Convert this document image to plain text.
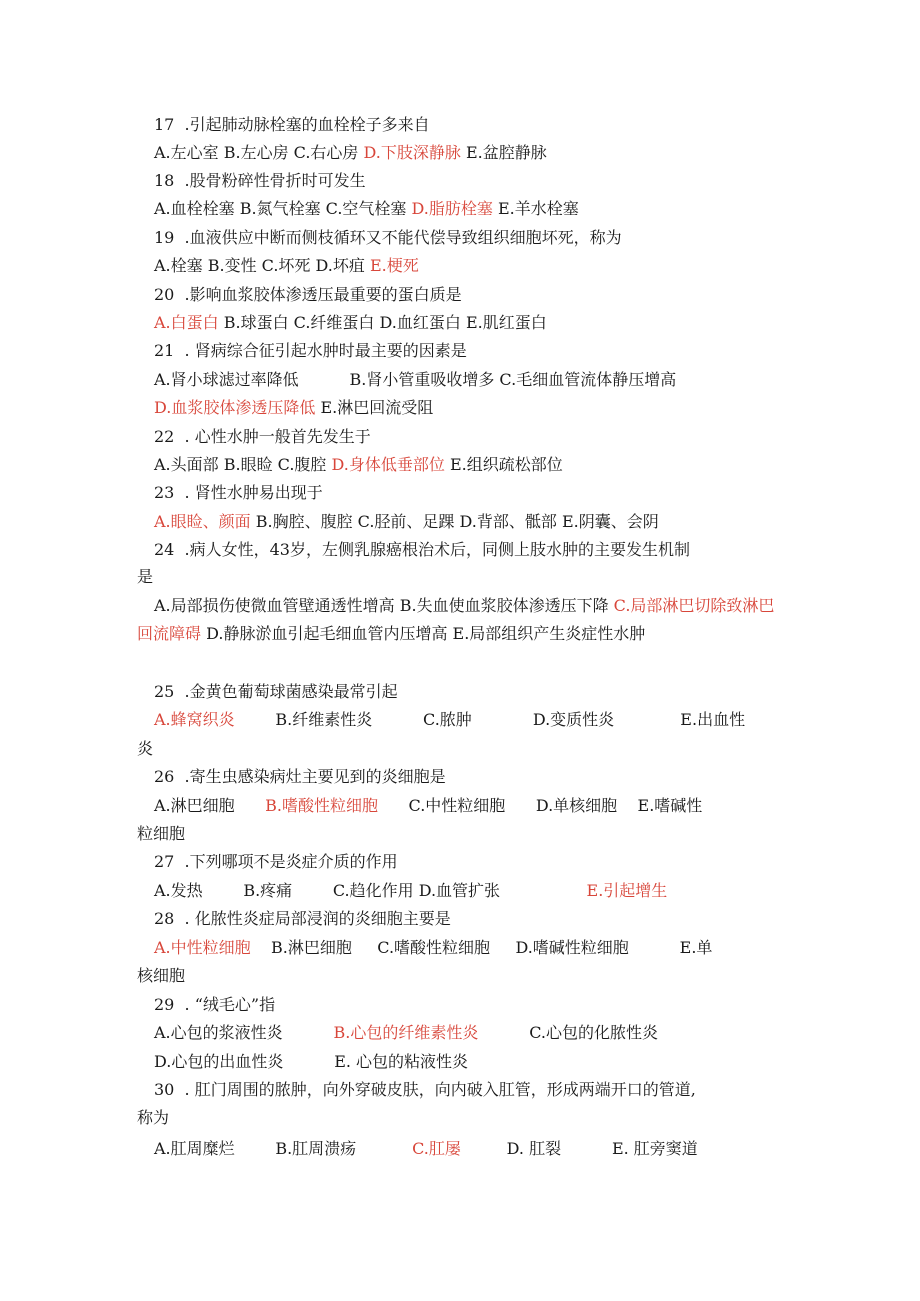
17  .引起肺动脉栓塞的血栓栓子多来自
A.左心室 B.左心房 C.右心房 D.下肢深静脉 E.盆腔静脉
18  .股骨粉碎性骨折时可发生
A.血栓栓塞 B.氮气栓塞 C.空气栓塞 D.脂肪栓塞 E.羊水栓塞
19  .血液供应中断而侧枝循环又不能代偿导致组织细胞坏死，称为
A.栓塞 B.变性 C.坏死 D.坏疽 E.梗死
20  .影响血浆胶体渗透压最重要的蛋白质是
A.白蛋白 B.球蛋白 C.纤维蛋白 D.血红蛋白 E.肌红蛋白
21  . 肾病综合征引起水肿时最主要的因素是
A.肾小球滤过率降低          B.肾小管重吸收增多 C.毛细血管流体静压增高
D.血浆胶体渗透压降低 E.淋巴回流受阻
22  . 心性水肿一般首先发生于
A.头面部 B.眼睑 C.腹腔 D.身体低垂部位 E.组织疏松部位
23  . 肾性水肿易出现于
A.眼睑、颜面 B.胸腔、腹腔 C.胫前、足踝 D.背部、骶部 E.阴囊、会阴
24  .病人女性，43岁，左侧乳腺癌根治术后，同侧上肢水肿的主要发生机制
是
A.局部损伤使微血管壁通透性增高 B.失血使血浆胶体渗透压下降 C.局部淋巴切除致淋巴回流障碍 D.静脉淤血引起毛细血管内压增高 E.局部组织产生炎症性水肿
25  .金黄色葡萄球菌感染最常引起
A.蜂窝织炎        B.纤维素性炎          C.脓肿            D.变质性炎             E.出血性
炎
26  .寄生虫感染病灶主要见到的炎细胞是
A.淋巴细胞      B.嗜酸性粒细胞      C.中性粒细胞      D.单核细胞    E.嗜碱性
粒细胞
27  .下列哪项不是炎症介质的作用
A.发热        B.疼痛        C.趋化作用 D.血管扩张                 E.引起增生
28  . 化脓性炎症局部浸润的炎细胞主要是
A.中性粒细胞    B.淋巴细胞     C.嗜酸性粒细胞     D.嗜碱性粒细胞          E.单
核细胞
29  . “绒毛心”指
A.心包的浆液性炎          B.心包的纤维素性炎          C.心包的化脓性炎
D.心包的出血性炎          E. 心包的粘液性炎
30  . 肛门周围的脓肿，向外穿破皮肤，向内破入肛管，形成两端开口的管道,
称为
A.肛周糜烂        B.肛周溃疡           C.肛屡         D. 肛裂          E. 肛旁窦道
